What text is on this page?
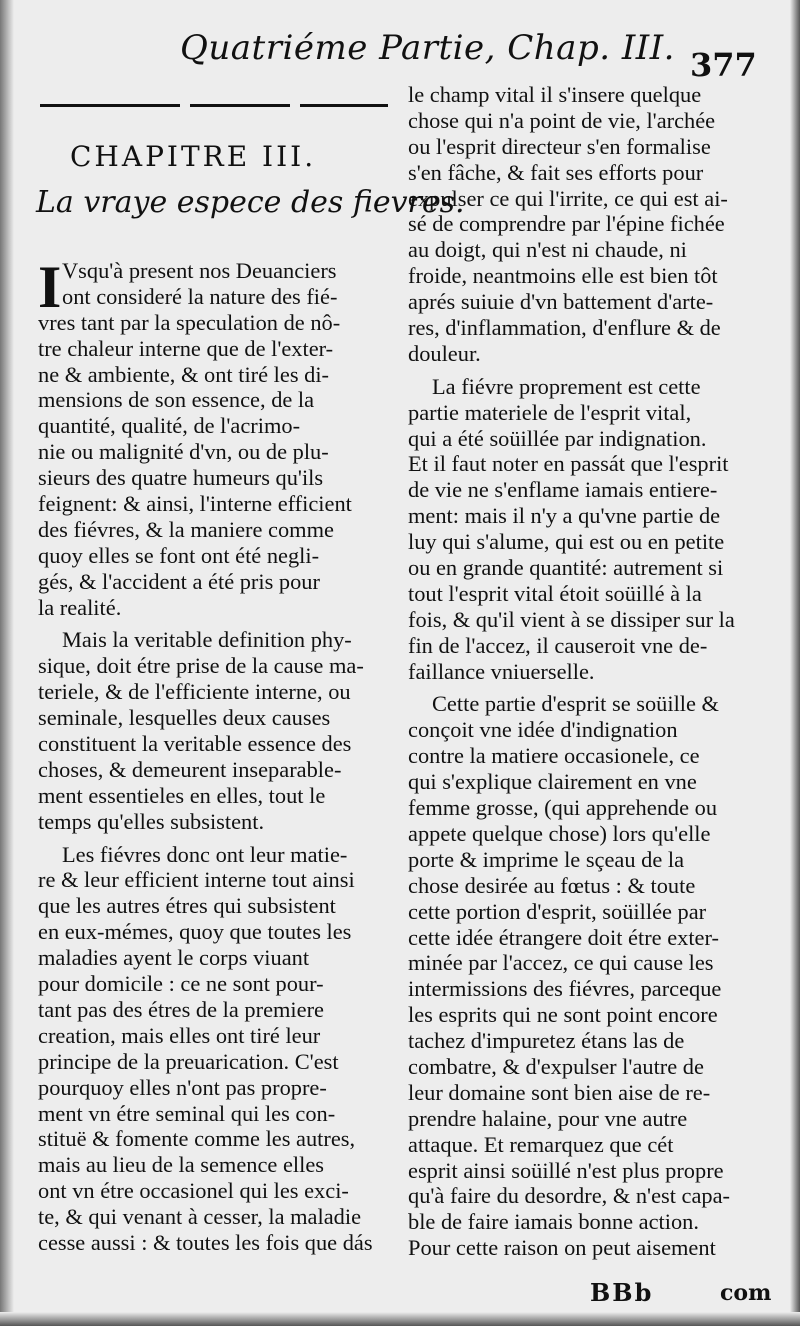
Quatriéme Partie, Chap. III. 377
CHAPITRE III.
La vraye espece des fievres.
I Vsqu'à present nos Deuanciers
ont consideré la nature des fié-
vres tant par la speculation de nô-
tre chaleur interne que de l'exter-
ne & ambiente, & ont tiré les di-
mensions de son essence, de la
quantité, qualité, de l'acrimo-
nie ou malignité d'vn, ou de plu-
sieurs des quatre humeurs qu'ils
feignent: & ainsi, l'interne efficient
des fiévres, & la maniere comme
quoy elles se font ont été negli-
gés, & l'accident a été pris pour
la realité.
Mais la veritable definition phy-
sique, doit étre prise de la cause ma-
teriele, & de l'efficiente interne, ou
seminale, lesquelles deux causes
constituent la veritable essence des
choses, & demeurent inseparable-
ment essentieles en elles, tout le
temps qu'elles subsistent.
Les fiévres donc ont leur matie-
re & leur efficient interne tout ainsi
que les autres étres qui subsistent
en eux-mémes, quoy que toutes les
maladies ayent le corps viuant
pour domicile : ce ne sont pour-
tant pas des étres de la premiere
creation, mais elles ont tiré leur
principe de la preuarication. C'est
pourquoy elles n'ont pas propre-
ment vn étre seminal qui les con-
stituë & fomente comme les autres,
mais au lieu de la semence elles
ont vn étre occasionel qui les exci-
te, & qui venant à cesser, la maladie
cesse aussi : & toutes les fois que dás
le champ vital il s'insere quelque
chose qui n'a point de vie, l'archée
ou l'esprit directeur s'en formalise
s'en fâche, & fait ses efforts pour
expulser ce qui l'irrite, ce qui est ai-
sé de comprendre par l'épine fichée
au doigt, qui n'est ni chaude, ni
froide, neantmoins elle est bien tôt
aprés suiuie d'vn battement d'arte-
res, d'inflammation, d'enflure & de
douleur.
La fiévre proprement est cette
partie materiele de l'esprit vital,
qui a été soüillée par indignation.
Et il faut noter en passát que l'esprit
de vie ne s'enflame iamais entiere-
ment: mais il n'y a qu'vne partie de
luy qui s'alume, qui est ou en petite
ou en grande quantité: autrement si
tout l'esprit vital étoit soüillé à la
fois, & qu'il vient à se dissiper sur la
fin de l'accez, il causeroit vne de-
faillance vniuerselle.
Cette partie d'esprit se soüille &
conçoit vne idée d'indignation
contre la matiere occasionele, ce
qui s'explique clairement en vne
femme grosse, (qui apprehende ou
appete quelque chose) lors qu'elle
porte & imprime le sçeau de la
chose desirée au fœtus : & toute
cette portion d'esprit, soüillée par
cette idée étrangere doit étre exter-
minée par l'accez, ce qui cause les
intermissions des fiévres, parceque
les esprits qui ne sont point encore
tachez d'impuretez étans las de
combatre, & d'expulser l'autre de
leur domaine sont bien aise de re-
prendre halaine, pour vne autre
attaque. Et remarquez que cét
esprit ainsi soüillé n'est plus propre
qu'à faire du desordre, & n'est capa-
ble de faire iamais bonne action.
Pour cette raison on peut aisement
BBb	com
